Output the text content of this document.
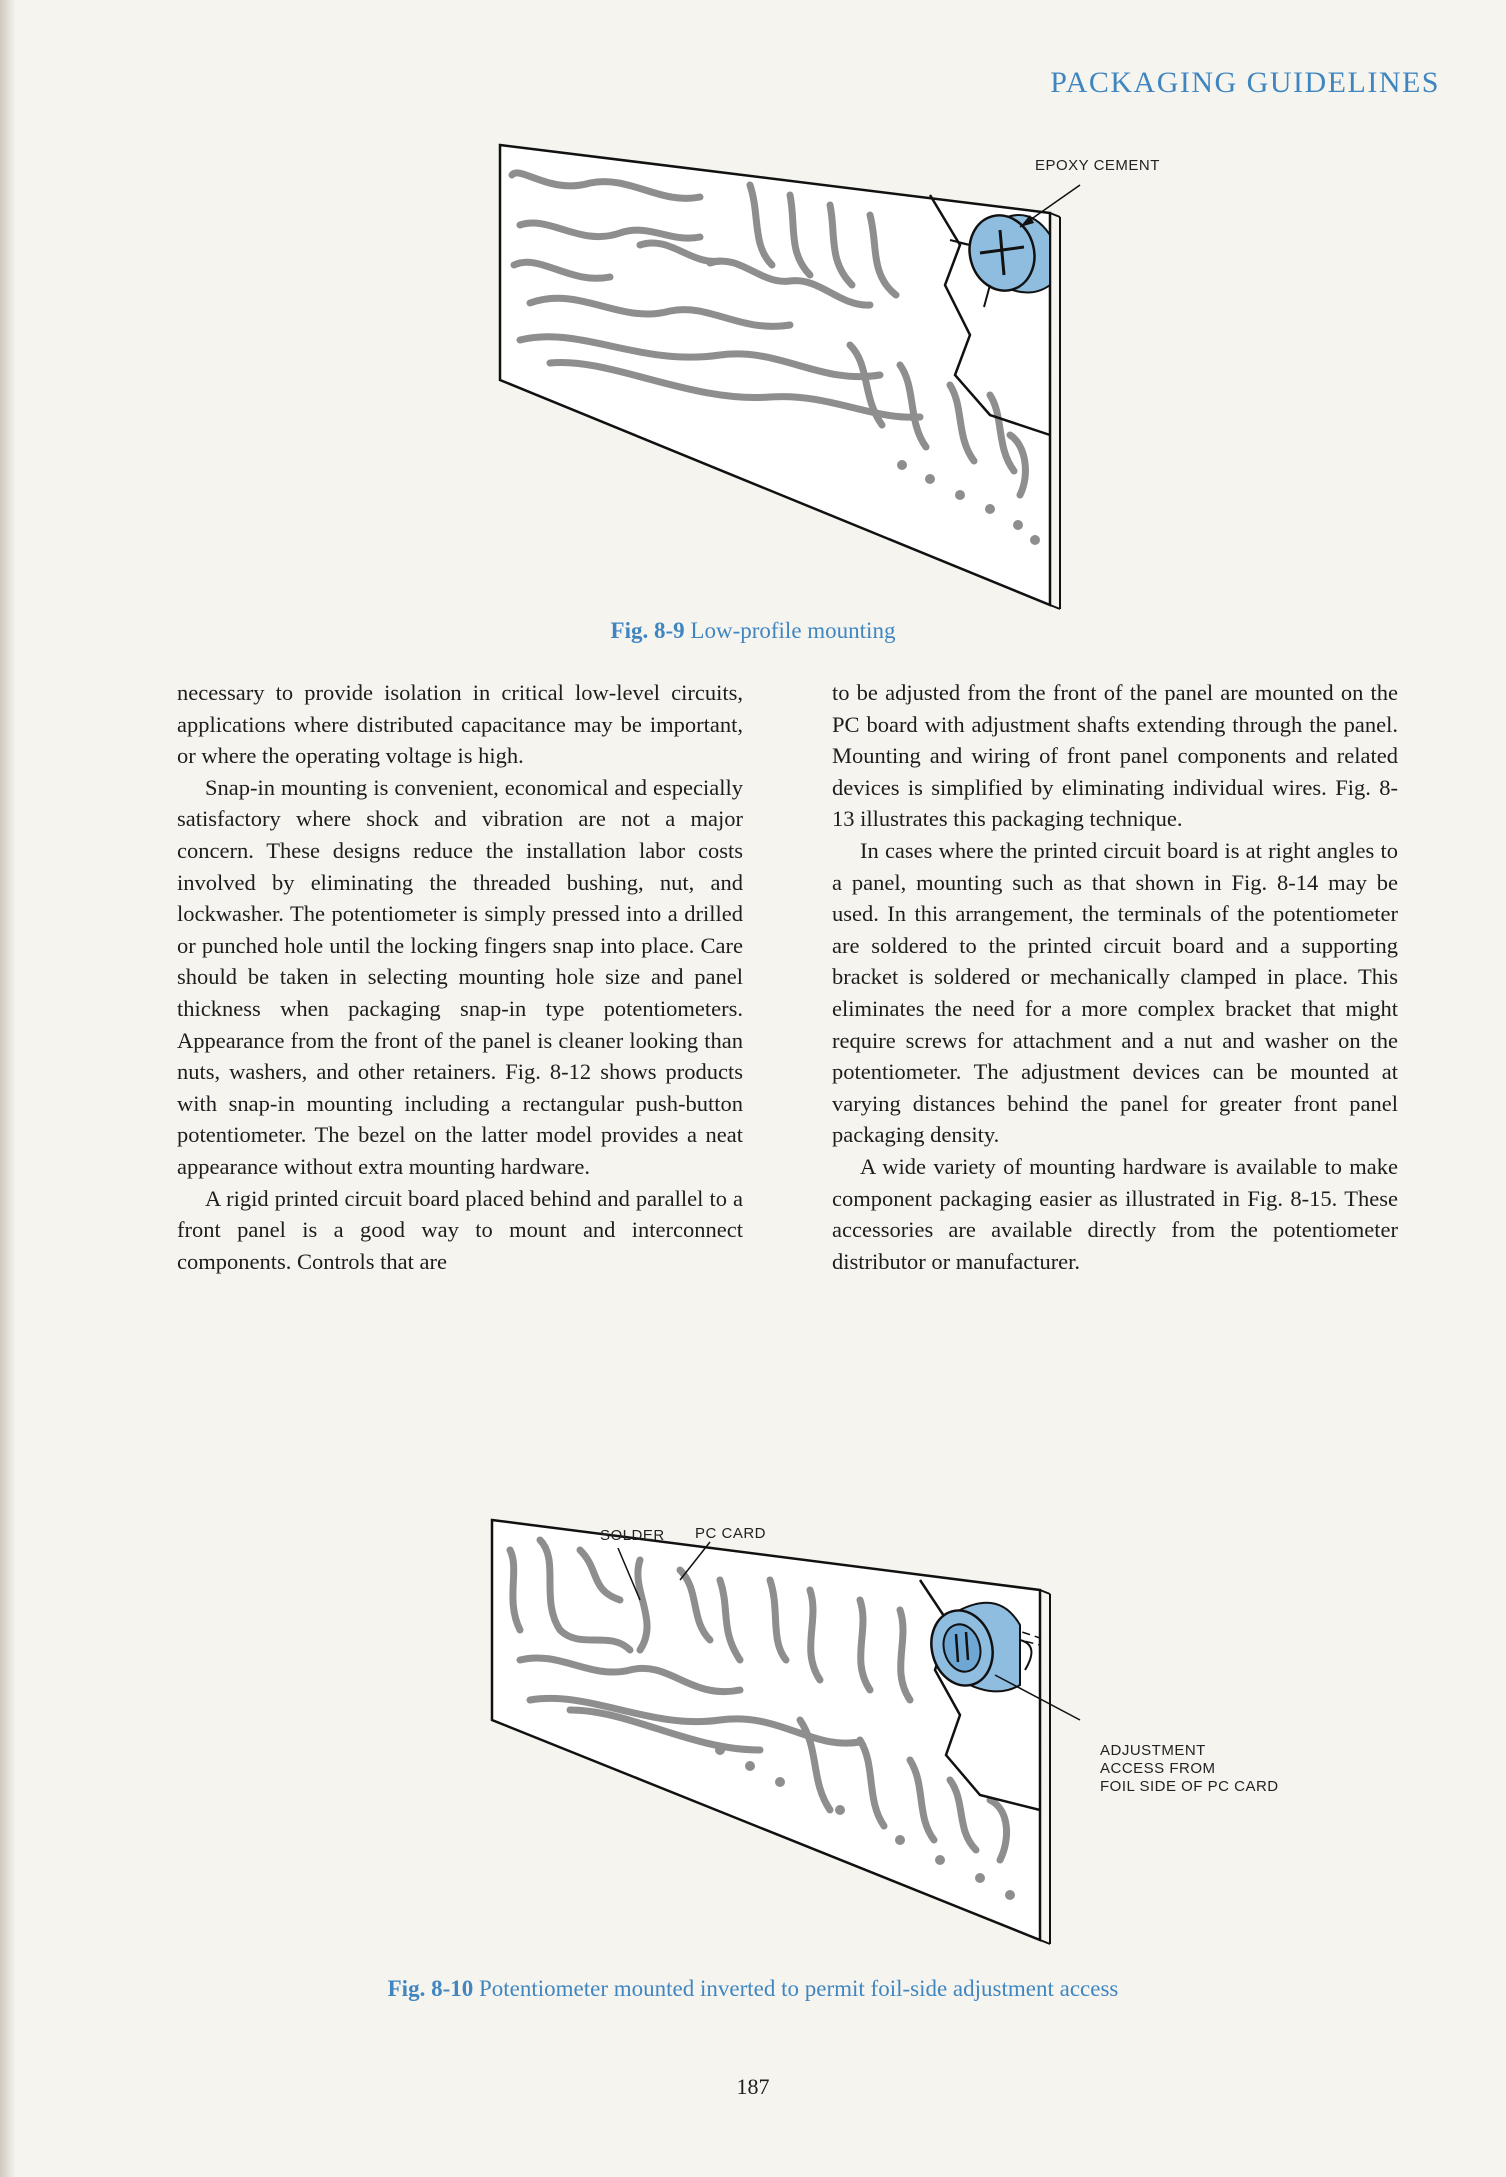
PACKAGING GUIDELINES
EPOXY CEMENT
Fig. 8-9 Low-profile mounting

necessary to provide isolation in critical low-level circuits, applications where distributed capacitance may be important, or where the operating voltage is high.

Snap-in mounting is convenient, economical and especially satisfactory where shock and vibration are not a major concern. These designs reduce the installation labor costs involved by eliminating the threaded bushing, nut, and lockwasher. The potentiometer is simply pressed into a drilled or punched hole until the locking fingers snap into place. Care should be taken in selecting mounting hole size and panel thickness when packaging snap-in type potentiometers. Appearance from the front of the panel is cleaner looking than nuts, washers, and other retainers. Fig. 8-12 shows products with snap-in mounting including a rectangular push-button potentiometer. The bezel on the latter model provides a neat appearance without extra mounting hardware.

A rigid printed circuit board placed behind and parallel to a front panel is a good way to mount and interconnect components. Controls that are

to be adjusted from the front of the panel are mounted on the PC board with adjustment shafts extending through the panel. Mounting and wiring of front panel components and related devices is simplified by eliminating individual wires. Fig. 8-13 illustrates this packaging technique.

In cases where the printed circuit board is at right angles to a panel, mounting such as that shown in Fig. 8-14 may be used. In this arrangement, the terminals of the potentiometer are soldered to the printed circuit board and a supporting bracket is soldered or mechanically clamped in place. This eliminates the need for a more complex bracket that might require screws for attachment and a nut and washer on the potentiometer. The adjustment devices can be mounted at varying distances behind the panel for greater front panel packaging density.

A wide variety of mounting hardware is available to make component packaging easier as illustrated in Fig. 8-15. These accessories are available directly from the potentiometer distributor or manufacturer.

SOLDER PC CARD
ADJUSTMENT
ACCESS FROM
FOIL SIDE OF PC CARD
Fig. 8-10 Potentiometer mounted inverted to permit foil-side adjustment access
187
